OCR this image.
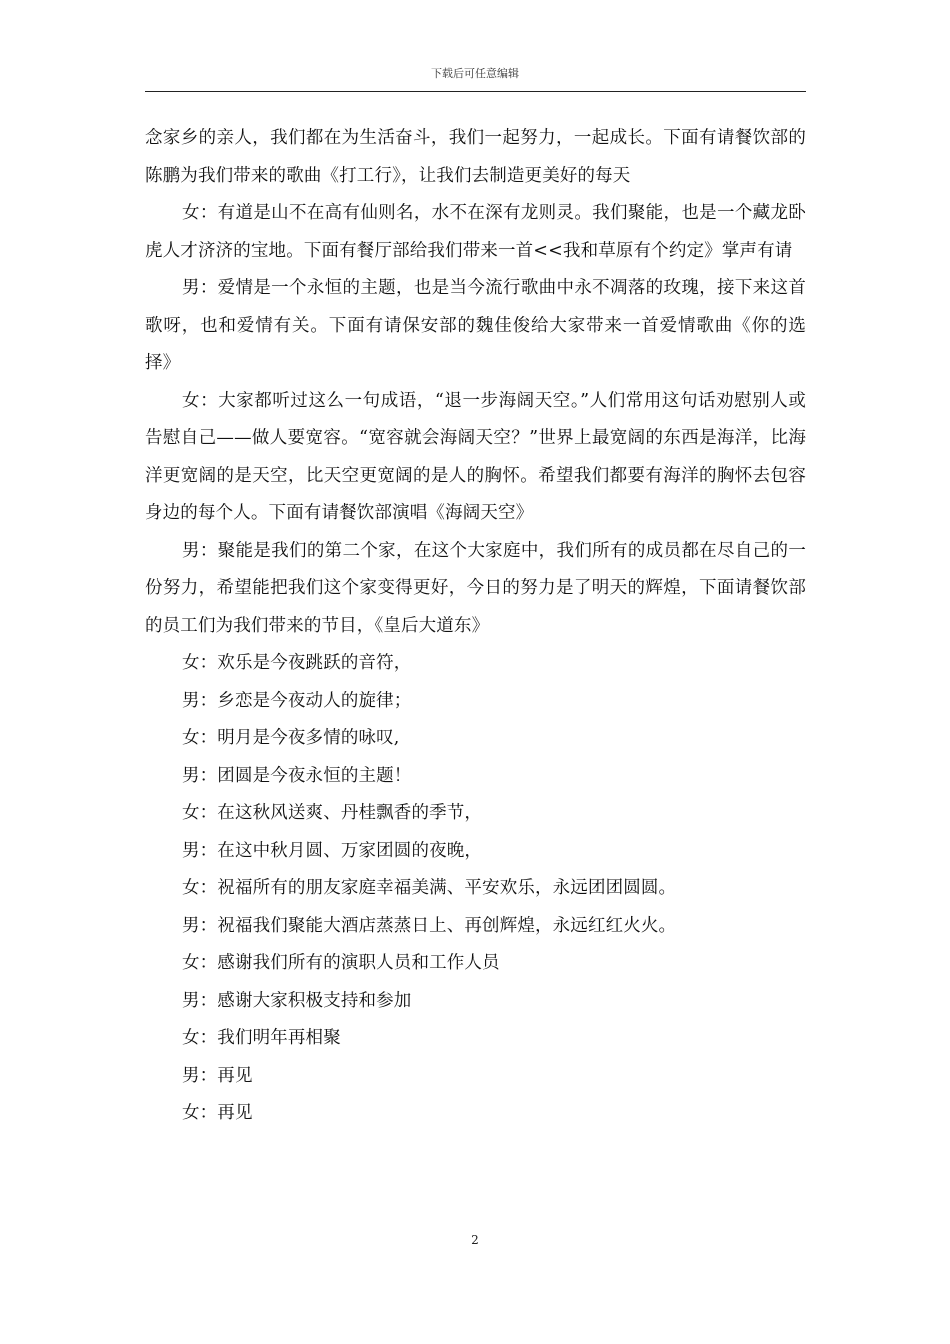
下载后可任意编辑

念家乡的亲人，我们都在为生活奋斗，我们一起努力，一起成长。下面有请餐饮部的陈鹏为我们带来的歌曲《打工行》，让我们去制造更美好的每天

女：有道是山不在高有仙则名，水不在深有龙则灵。我们聚能，也是一个藏龙卧虎人才济济的宝地。下面有餐厅部给我们带来一首<<我和草原有个约定》掌声有请

男：爱情是一个永恒的主题，也是当今流行歌曲中永不凋落的玫瑰，接下来这首歌呀，也和爱情有关。下面有请保安部的魏佳俊给大家带来一首爱情歌曲《你的选择》

女：大家都听过这么一句成语，“退一步海阔天空。”人们常用这句话劝慰别人或告慰自己——做人要宽容。“宽容就会海阔天空？”世界上最宽阔的东西是海洋，比海洋更宽阔的是天空，比天空更宽阔的是人的胸怀。希望我们都要有海洋的胸怀去包容身边的每个人。下面有请餐饮部演唱《海阔天空》

男：聚能是我们的第二个家，在这个大家庭中，我们所有的成员都在尽自己的一份努力，希望能把我们这个家变得更好，今日的努力是了明天的辉煌，下面请餐饮部的员工们为我们带来的节目，《皇后大道东》

女：欢乐是今夜跳跃的音符，

男：乡恋是今夜动人的旋律；

女：明月是今夜多情的咏叹,

男：团圆是今夜永恒的主题！

女：在这秋风送爽、丹桂飘香的季节，

男：在这中秋月圆、万家团圆的夜晚，

女：祝福所有的朋友家庭幸福美满、平安欢乐，永远团团圆圆。

男：祝福我们聚能大酒店蒸蒸日上、再创辉煌，永远红红火火。

女：感谢我们所有的演职人员和工作人员

男：感谢大家积极支持和参加

女：我们明年再相聚

男：再见

女：再见

2
